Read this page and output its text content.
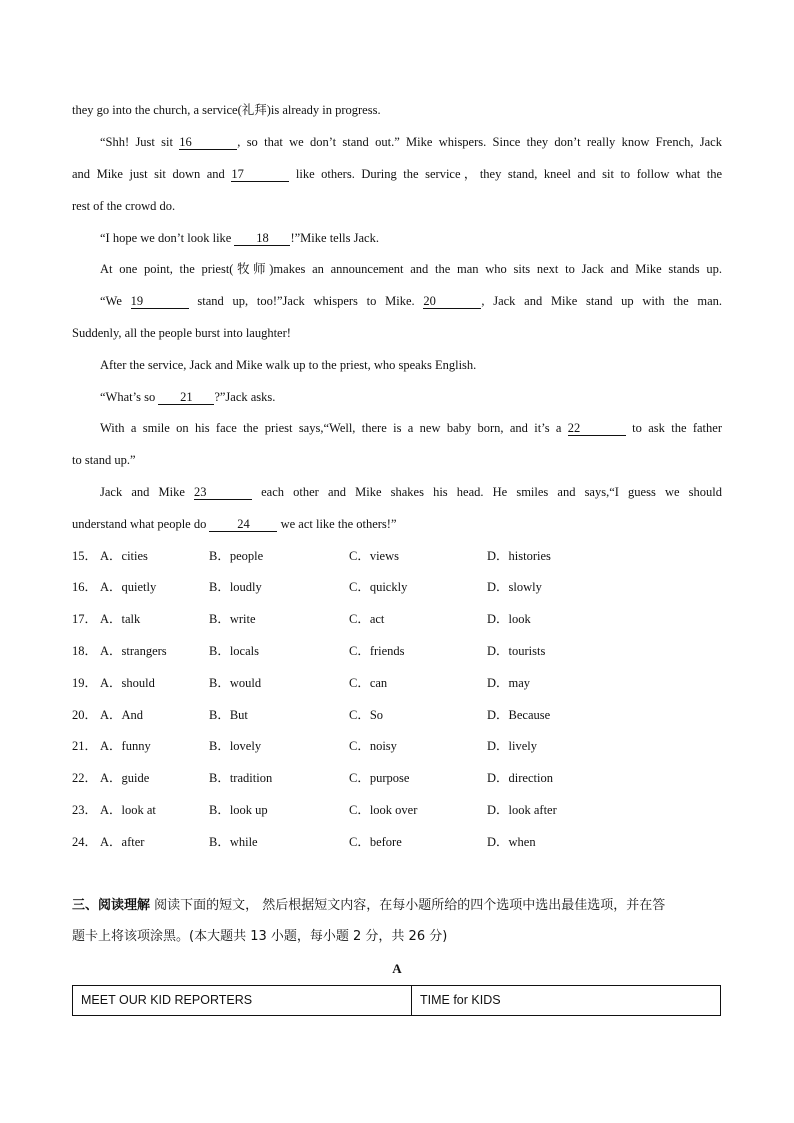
they go into the church, a service(礼拜)is already in progress.
“Shh! Just sit 16	, so that we don’t stand out.” Mike whispers. Since they don’t really know French, Jack
and Mike just sit down and 17	like others. During the service，they stand, kneel and sit to follow what the
rest of the crowd do.
“I hope we don’t look like 18 !”Mike tells Jack.
At one point, the priest(牧师)makes an announcement and the man who sits next to Jack and Mike stands up.
“We 19	stand up, too!”Jack whispers to Mike. 20	, Jack and Mike stand up with the man.
Suddenly, all the people burst into laughter!
After the service, Jack and Mike walk up to the priest, who speaks English.
“What’s so 21 ?”Jack asks.
With a smile on his face the priest says,“Well, there is a new baby born, and it’s a 22	to ask the father
to stand up.”
Jack and Mike 23	each other and Mike shakes his head. He smiles and says,“I guess we should
understand what people do 24 we act like the others!”
15． A．cities	B．people	C．views	D．histories
16． A．quietly	B．loudly	C．quickly	D．slowly
17． A．talk	B．write	C．act	D．look
18． A．strangers	B．locals	C．friends	D．tourists
19． A．should	B．would	C．can	D．may
20． A．And	B．But	C．So	D．Because
21． A．funny	B．lovely	C．noisy	D．lively
22． A．guide	B．tradition	C．purpose	D．direction
23． A．look at	B．look up	C．look over	D．look after
24． A．after	B．while	C．before	D．when
三、阅读理解 阅读下面的短文， 然后根据短文内容，在每小题所给的四个选项中选出最佳选项，并在答
题卡上将该项涂黑。(本大题共 13 小题，每小题 2 分，共 26 分)
A
MEET OUR KID REPORTERS	TIME for KIDS
